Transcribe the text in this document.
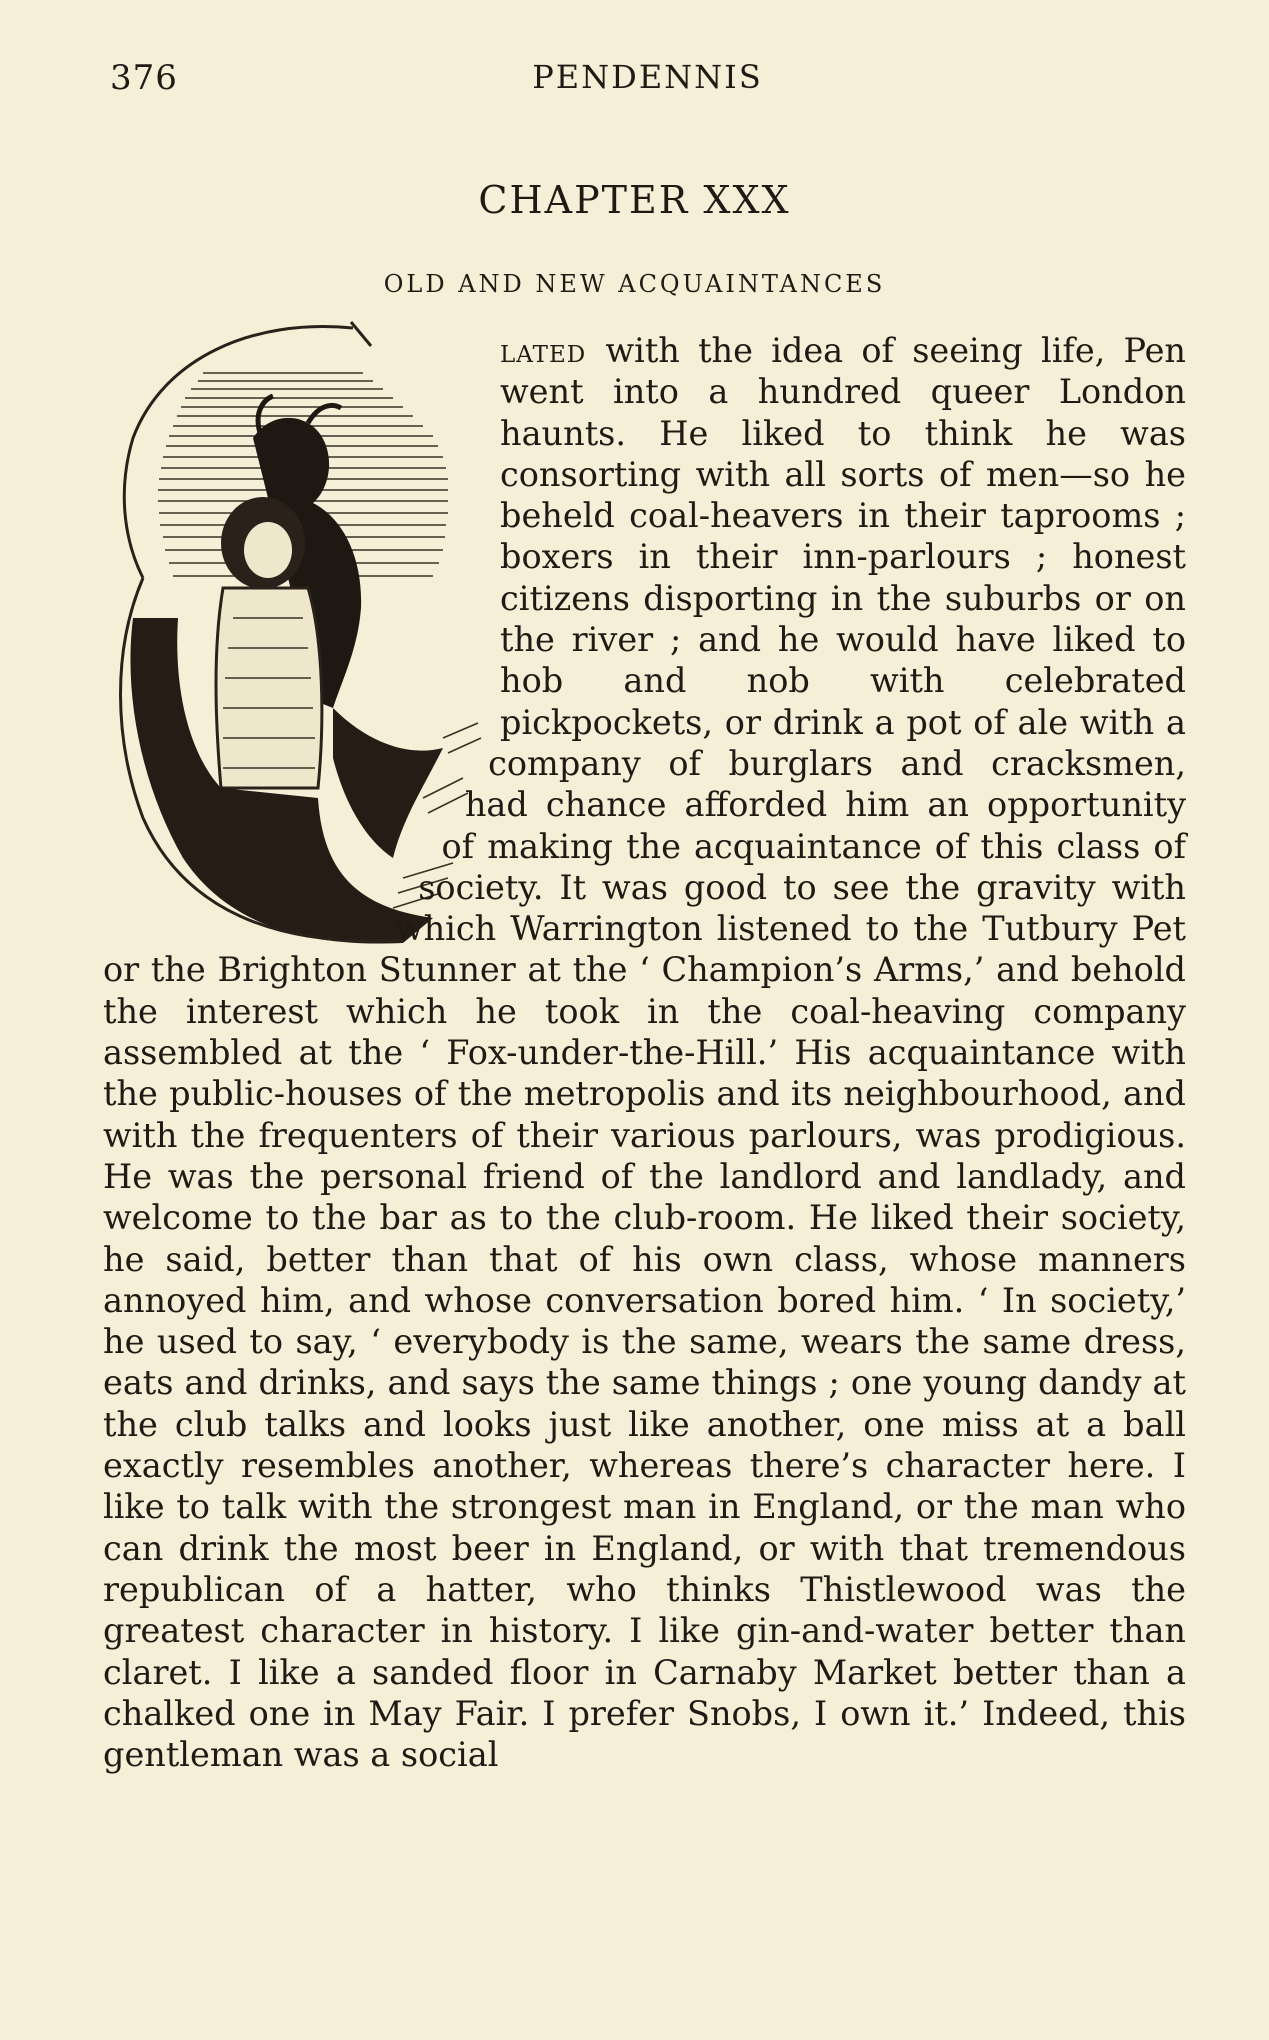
376	PENDENNIS
CHAPTER XXX
OLD AND NEW ACQUAINTANCES
lated with the idea of seeing life, Pen went into a hundred queer London haunts. He liked to think he was consorting with all sorts of men—so he beheld coal-heavers in their taprooms ; boxers in their inn-parlours ; honest citizens disporting in the suburbs or on the river ; and he would have liked to hob and nob with celebrated pickpockets, or drink a pot of ale with a company of burglars and cracksmen, had chance afforded him an opportunity of making the acquaintance of this class of society. It was good to see the gravity with which Warrington listened to the Tutbury Pet or the Brighton Stunner at the ‘ Champion’s Arms,’ and behold the interest which he took in the coal-heaving company assembled at the ‘ Fox-under-the-Hill.’ His acquaintance with the public-houses of the metropolis and its neighbourhood, and with the frequenters of their various parlours, was prodigious. He was the personal friend of the landlord and landlady, and welcome to the bar as to the club-room. He liked their society, he said, better than that of his own class, whose manners annoyed him, and whose conversation bored him. ‘ In society,’ he used to say, ‘ everybody is the same, wears the same dress, eats and drinks, and says the same things ; one young dandy at the club talks and looks just like another, one miss at a ball exactly resembles another, whereas there’s character here. I like to talk with the strongest man in England, or the man who can drink the most beer in England, or with that tremendous republican of a hatter, who thinks Thistlewood was the greatest character in history. I like gin-and-water better than claret. I like a sanded floor in Carnaby Market better than a chalked one in May Fair. I prefer Snobs, I own it.’ Indeed, this gentleman was a social
